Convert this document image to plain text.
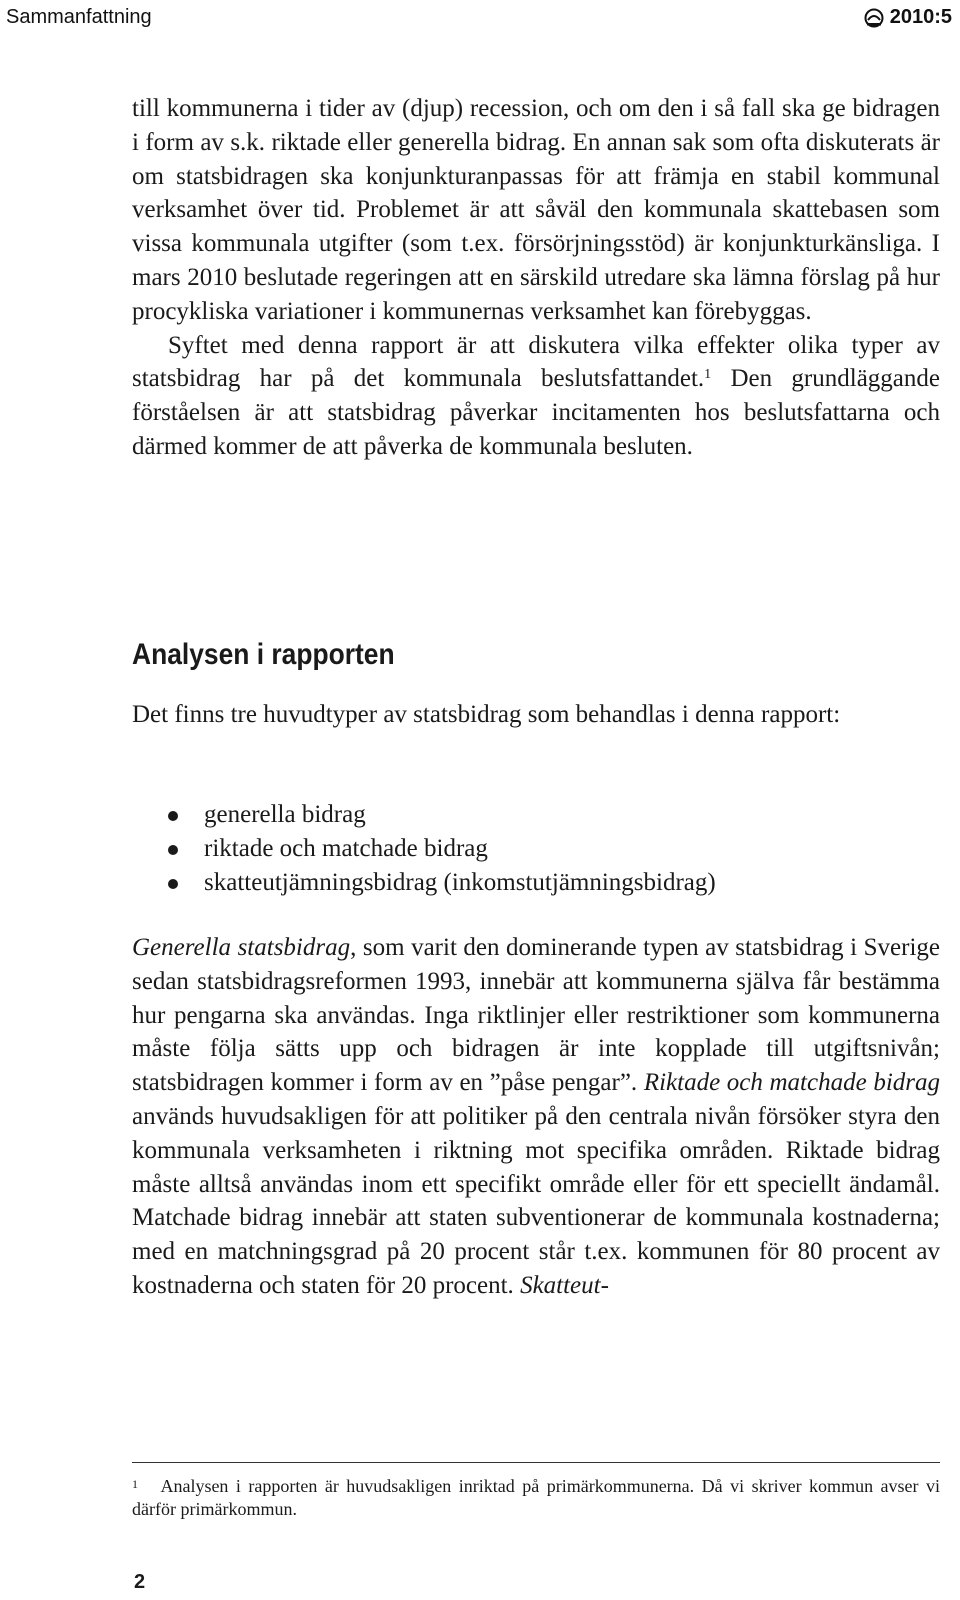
Sammanfattning	2010:5

till kommunerna i tider av (djup) recession, och om den i så fall ska ge bidragen i form av s.k. riktade eller generella bidrag. En annan sak som ofta diskuterats är om statsbidragen ska konjunkturanpassas för att främja en stabil kommunal verksamhet över tid. Problemet är att såväl den kommunala skattebasen som vissa kommunala utgifter (som t.ex. försörjningsstöd) är konjunkturkänsliga. I mars 2010 beslutade regeringen att en särskild utredare ska lämna förslag på hur procykliska variationer i kommunernas verksamhet kan förebyggas.

Syftet med denna rapport är att diskutera vilka effekter olika typer av statsbidrag har på det kommunala beslutsfattandet.$^1$ Den grundläggande förståelsen är att statsbidrag påverkar incitamenten hos beslutsfattarna och därmed kommer de att påverka de kommunala besluten.

Analysen i rapporten

Det finns tre huvudtyper av statsbidrag som behandlas i denna rapport:

generella bidrag
riktade och matchade bidrag
skatteutjämningsbidrag (inkomstutjämningsbidrag)

Generella statsbidrag, som varit den dominerande typen av statsbidrag i Sverige sedan statsbidragsreformen 1993, innebär att kommunerna själva får bestämma hur pengarna ska användas. Inga riktlinjer eller restriktioner som kommunerna måste följa sätts upp och bidragen är inte kopplade till utgiftsnivån; statsbidragen kommer i form av en ”påse pengar”. Riktade och matchade bidrag används huvudsakligen för att politiker på den centrala nivån försöker styra den kommunala verksamheten i riktning mot specifika områden. Riktade bidrag måste alltså användas inom ett specifikt område eller för ett speciellt ändamål. Matchade bidrag innebär att staten subventionerar de kommunala kostnaderna; med en matchningsgrad på 20 procent står t.ex. kommunen för 80 procent av kostnaderna och staten för 20 procent. Skatteut-

$^1$ Analysen i rapporten är huvudsakligen inriktad på primärkommunerna. Då vi skriver kommun avser vi därför primärkommun.

2
